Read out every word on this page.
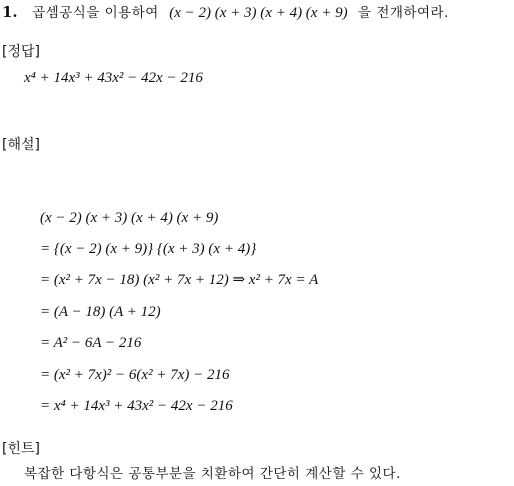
1. 곱셈공식을 이용하여 (x − 2) (x + 3) (x + 4) (x + 9) 을 전개하여라.
[정답]
x⁴ + 14x³ + 43x² − 42x − 216
[해설]
(x − 2) (x + 3) (x + 4) (x + 9)
= {(x − 2) (x + 9)} {(x + 3) (x + 4)}
= (x² + 7x − 18) (x² + 7x + 12) ⇒ x² + 7x = A
= (A − 18) (A + 12)
= A² − 6A − 216
= (x² + 7x)² − 6(x² + 7x) − 216
= x⁴ + 14x³ + 43x² − 42x − 216
[힌트]
복잡한 다항식은 공통부분을 치환하여 간단히 계산할 수 있다.
